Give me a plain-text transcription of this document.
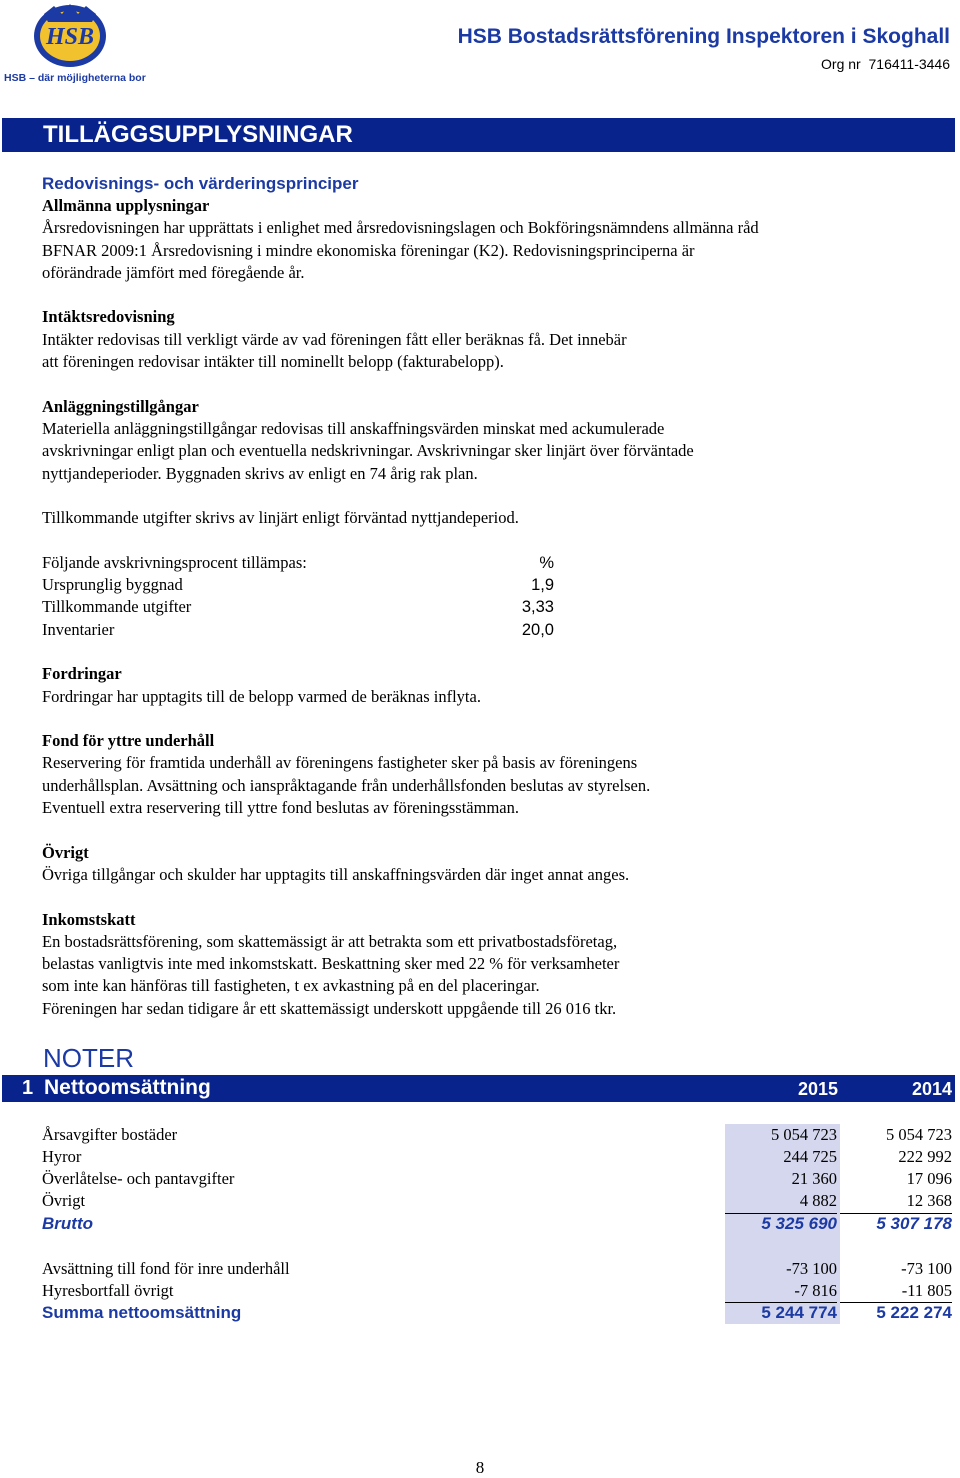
HSB
HSB – där möjligheterna bor
HSB Bostadsrättsförening Inspektoren i Skoghall
Org nr 716411-3446
TILLÄGGSUPPLYSNINGAR
Redovisnings- och värderingsprinciper
Allmänna upplysningar
Årsredovisningen har upprättats i enlighet med årsredovisningslagen och Bokföringsnämndens allmänna råd
BFNAR 2009:1 Årsredovisning i mindre ekonomiska föreningar (K2). Redovisningsprinciperna är
oförändrade jämfört med föregående år.
Intäktsredovisning
Intäkter redovisas till verkligt värde av vad föreningen fått eller beräknas få. Det innebär
att föreningen redovisar intäkter till nominellt belopp (fakturabelopp).
Anläggningstillgångar
Materiella anläggningstillgångar redovisas till anskaffningsvärden minskat med ackumulerade
avskrivningar enligt plan och eventuella nedskrivningar. Avskrivningar sker linjärt över förväntade
nyttjandeperioder. Byggnaden skrivs av enligt en 74 årig rak plan.
Tillkommande utgifter skrivs av linjärt enligt förväntad nyttjandeperiod.
Följande avskrivningsprocent tillämpas:	%
Ursprunglig byggnad	1,9
Tillkommande utgifter	3,33
Inventarier	20,0
Fordringar
Fordringar har upptagits till de belopp varmed de beräknas inflyta.
Fond för yttre underhåll
Reservering för framtida underhåll av föreningens fastigheter sker på basis av föreningens
underhållsplan. Avsättning och ianspråktagande från underhållsfonden beslutas av styrelsen.
Eventuell extra reservering till yttre fond beslutas av föreningsstämman.
Övrigt
Övriga tillgångar och skulder har upptagits till anskaffningsvärden där inget annat anges.
Inkomstskatt
En bostadsrättsförening, som skattemässigt är att betrakta som ett privatbostadsföretag,
belastas vanligtvis inte med inkomstskatt. Beskattning sker med 22 % för verksamheter
som inte kan hänföras till fastigheten, t ex avkastning på en del placeringar.
Föreningen har sedan tidigare år ett skattemässigt underskott uppgående till 26 016 tkr.
NOTER
1 Nettoomsättning	2015	2014
Årsavgifter bostäder	5 054 723	5 054 723
Hyror	244 725	222 992
Överlåtelse- och pantavgifter	21 360	17 096
Övrigt	4 882	12 368
Brutto	5 325 690	5 307 178
Avsättning till fond för inre underhåll	-73 100	-73 100
Hyresbortfall övrigt	-7 816	-11 805
Summa nettoomsättning	5 244 774	5 222 274
8
